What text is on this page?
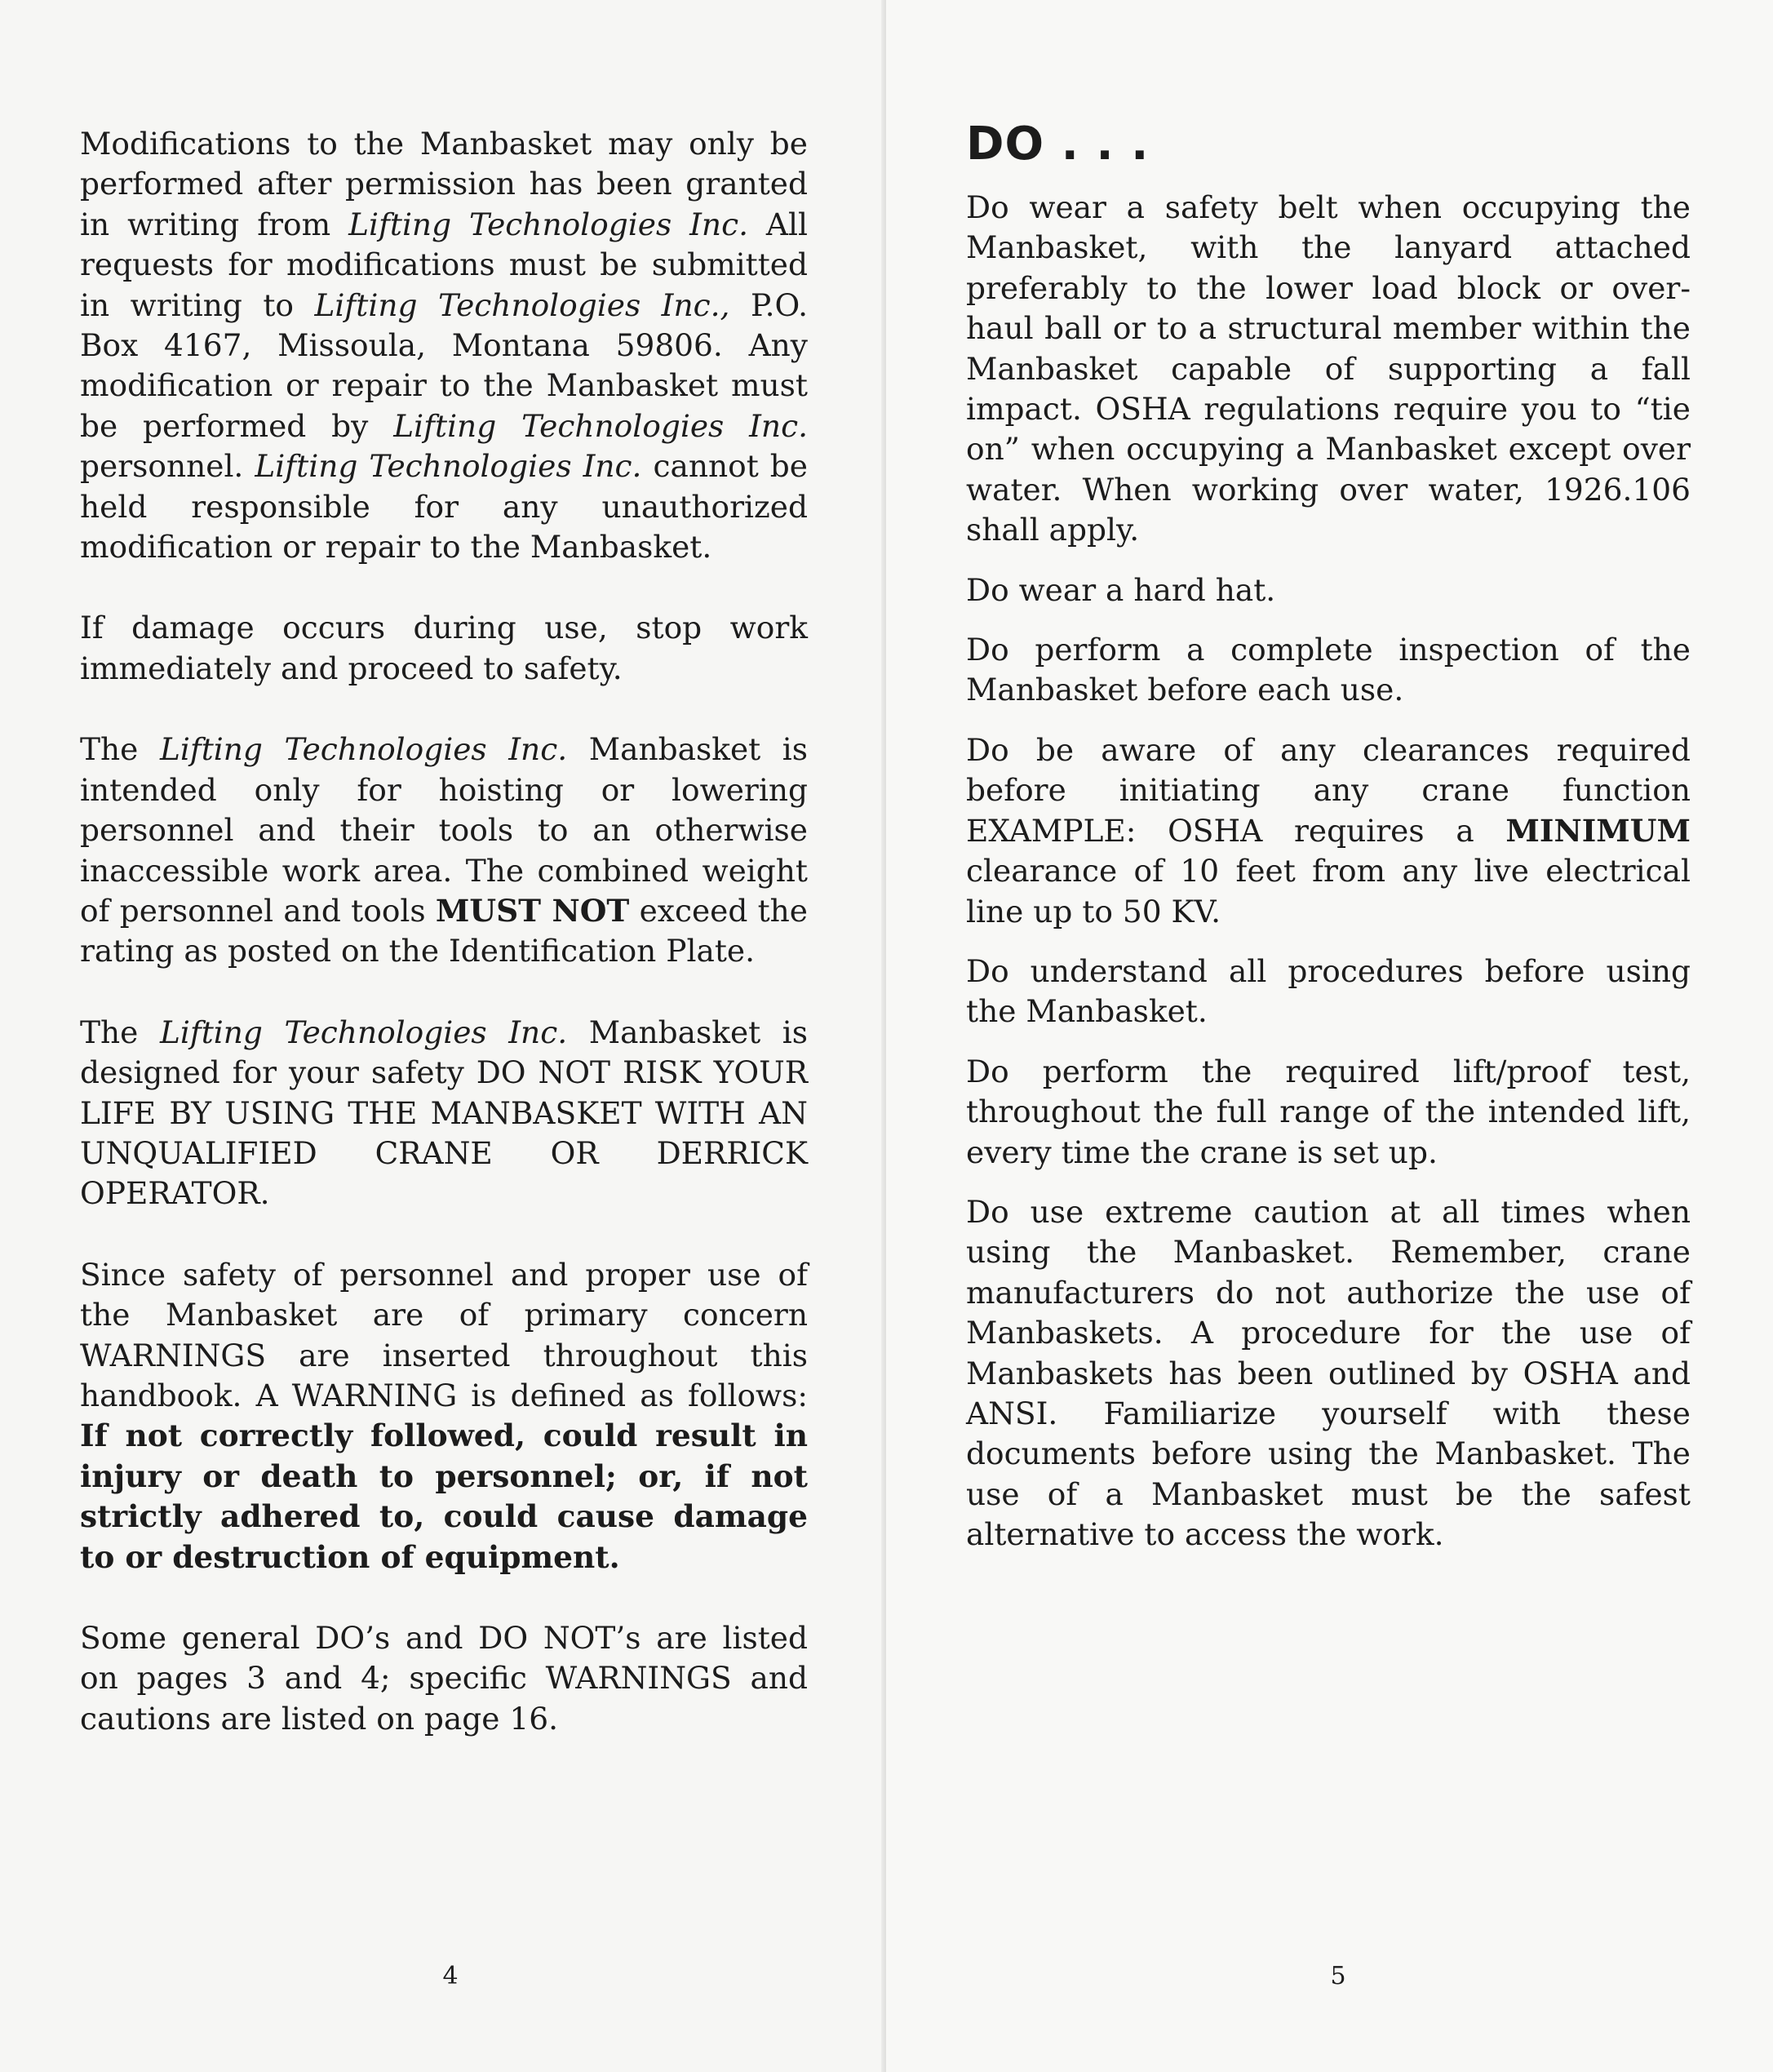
Modifications to the Manbasket may only be performed after permission has been granted in writing from Lifting Technologies Inc. All requests for modifications must be submitted in writing to Lifting Technologies Inc., P.O. Box 4167, Missoula, Montana 59806. Any modification or repair to the Manbasket must be performed by Lifting Technologies Inc. personnel. Lifting Technologies Inc. cannot be held responsible for any unauthorized modification or repair to the Manbasket.

If damage occurs during use, stop work immediately and proceed to safety.

The Lifting Technologies Inc. Manbasket is intended only for hoisting or lowering personnel and their tools to an otherwise inaccessible work area. The combined weight of personnel and tools MUST NOT exceed the rating as posted on the Identification Plate.

The Lifting Technologies Inc. Manbasket is designed for your safety DO NOT RISK YOUR LIFE BY USING THE MANBASKET WITH AN UNQUALIFIED CRANE OR DERRICK OPERATOR.

Since safety of personnel and proper use of the Manbasket are of primary concern WARNINGS are inserted throughout this handbook. A WARNING is defined as follows: If not correctly followed, could result in injury or death to personnel; or, if not strictly adhered to, could cause damage to or destruction of equipment.

Some general DO’s and DO NOT’s are listed on pages 3 and 4; specific WARNINGS and cautions are listed on page 16.

4
DO . . .

Do wear a safety belt when occupying the Manbasket, with the lanyard attached preferably to the lower load block or over-haul ball or to a structural member within the Manbasket capable of supporting a fall impact. OSHA regulations require you to “tie on” when occupying a Manbasket except over water. When working over water, 1926.106 shall apply.

Do wear a hard hat.

Do perform a complete inspection of the Manbasket before each use.

Do be aware of any clearances required before initiating any crane function EXAMPLE: OSHA requires a MINIMUM clearance of 10 feet from any live electrical line up to 50 KV.

Do understand all procedures before using the Manbasket.

Do perform the required lift/proof test, throughout the full range of the intended lift, every time the crane is set up.

Do use extreme caution at all times when using the Manbasket. Remember, crane manufacturers do not authorize the use of Manbaskets. A procedure for the use of Manbaskets has been outlined by OSHA and ANSI. Familiarize yourself with these documents before using the Manbasket. The use of a Manbasket must be the safest alternative to access the work.

5
